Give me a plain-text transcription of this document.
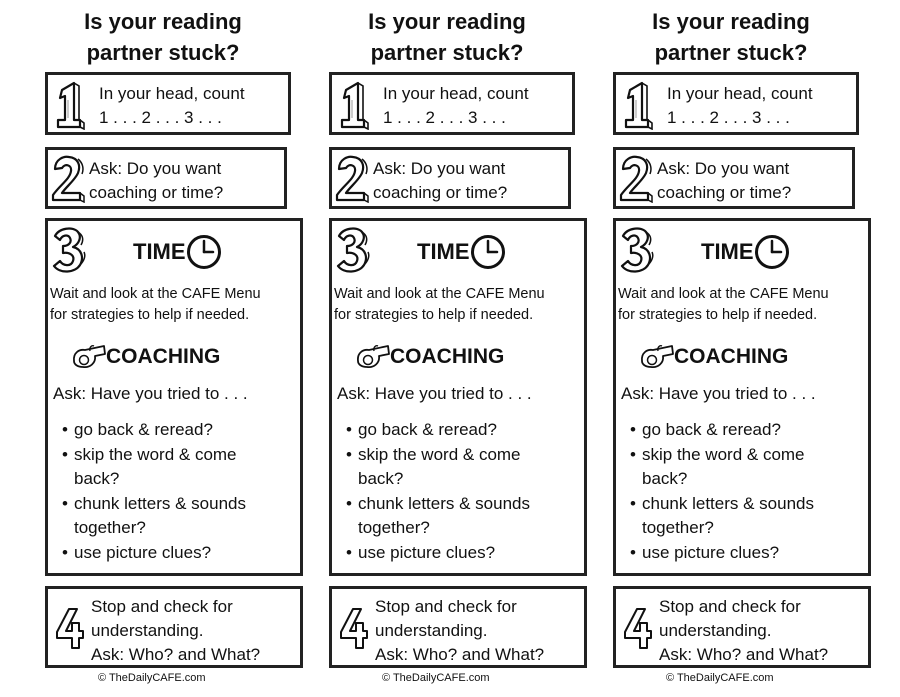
Is your reading
partner stuck?
In your head, count
1 . . . 2 . . . 3 . . .
Ask: Do you want
coaching or time?
TIME
Wait and look at the CAFE Menu
for strategies to help if needed.
COACHING
Ask: Have you tried to . . .
• go back & reread?
• skip the word & come
back?
• chunk letters & sounds
together?
• use picture clues?
Stop and check for
understanding.
Ask: Who? and What?
© TheDailyCAFE.com
Is your reading
partner stuck?
In your head, count
1 . . . 2 . . . 3 . . .
Ask: Do you want
coaching or time?
TIME
Wait and look at the CAFE Menu
for strategies to help if needed.
COACHING
Ask: Have you tried to . . .
• go back & reread?
• skip the word & come
back?
• chunk letters & sounds
together?
• use picture clues?
Stop and check for
understanding.
Ask: Who? and What?
© TheDailyCAFE.com
Is your reading
partner stuck?
In your head, count
1 . . . 2 . . . 3 . . .
Ask: Do you want
coaching or time?
TIME
Wait and look at the CAFE Menu
for strategies to help if needed.
COACHING
Ask: Have you tried to . . .
• go back & reread?
• skip the word & come
back?
• chunk letters & sounds
together?
• use picture clues?
Stop and check for
understanding.
Ask: Who? and What?
© TheDailyCAFE.com
